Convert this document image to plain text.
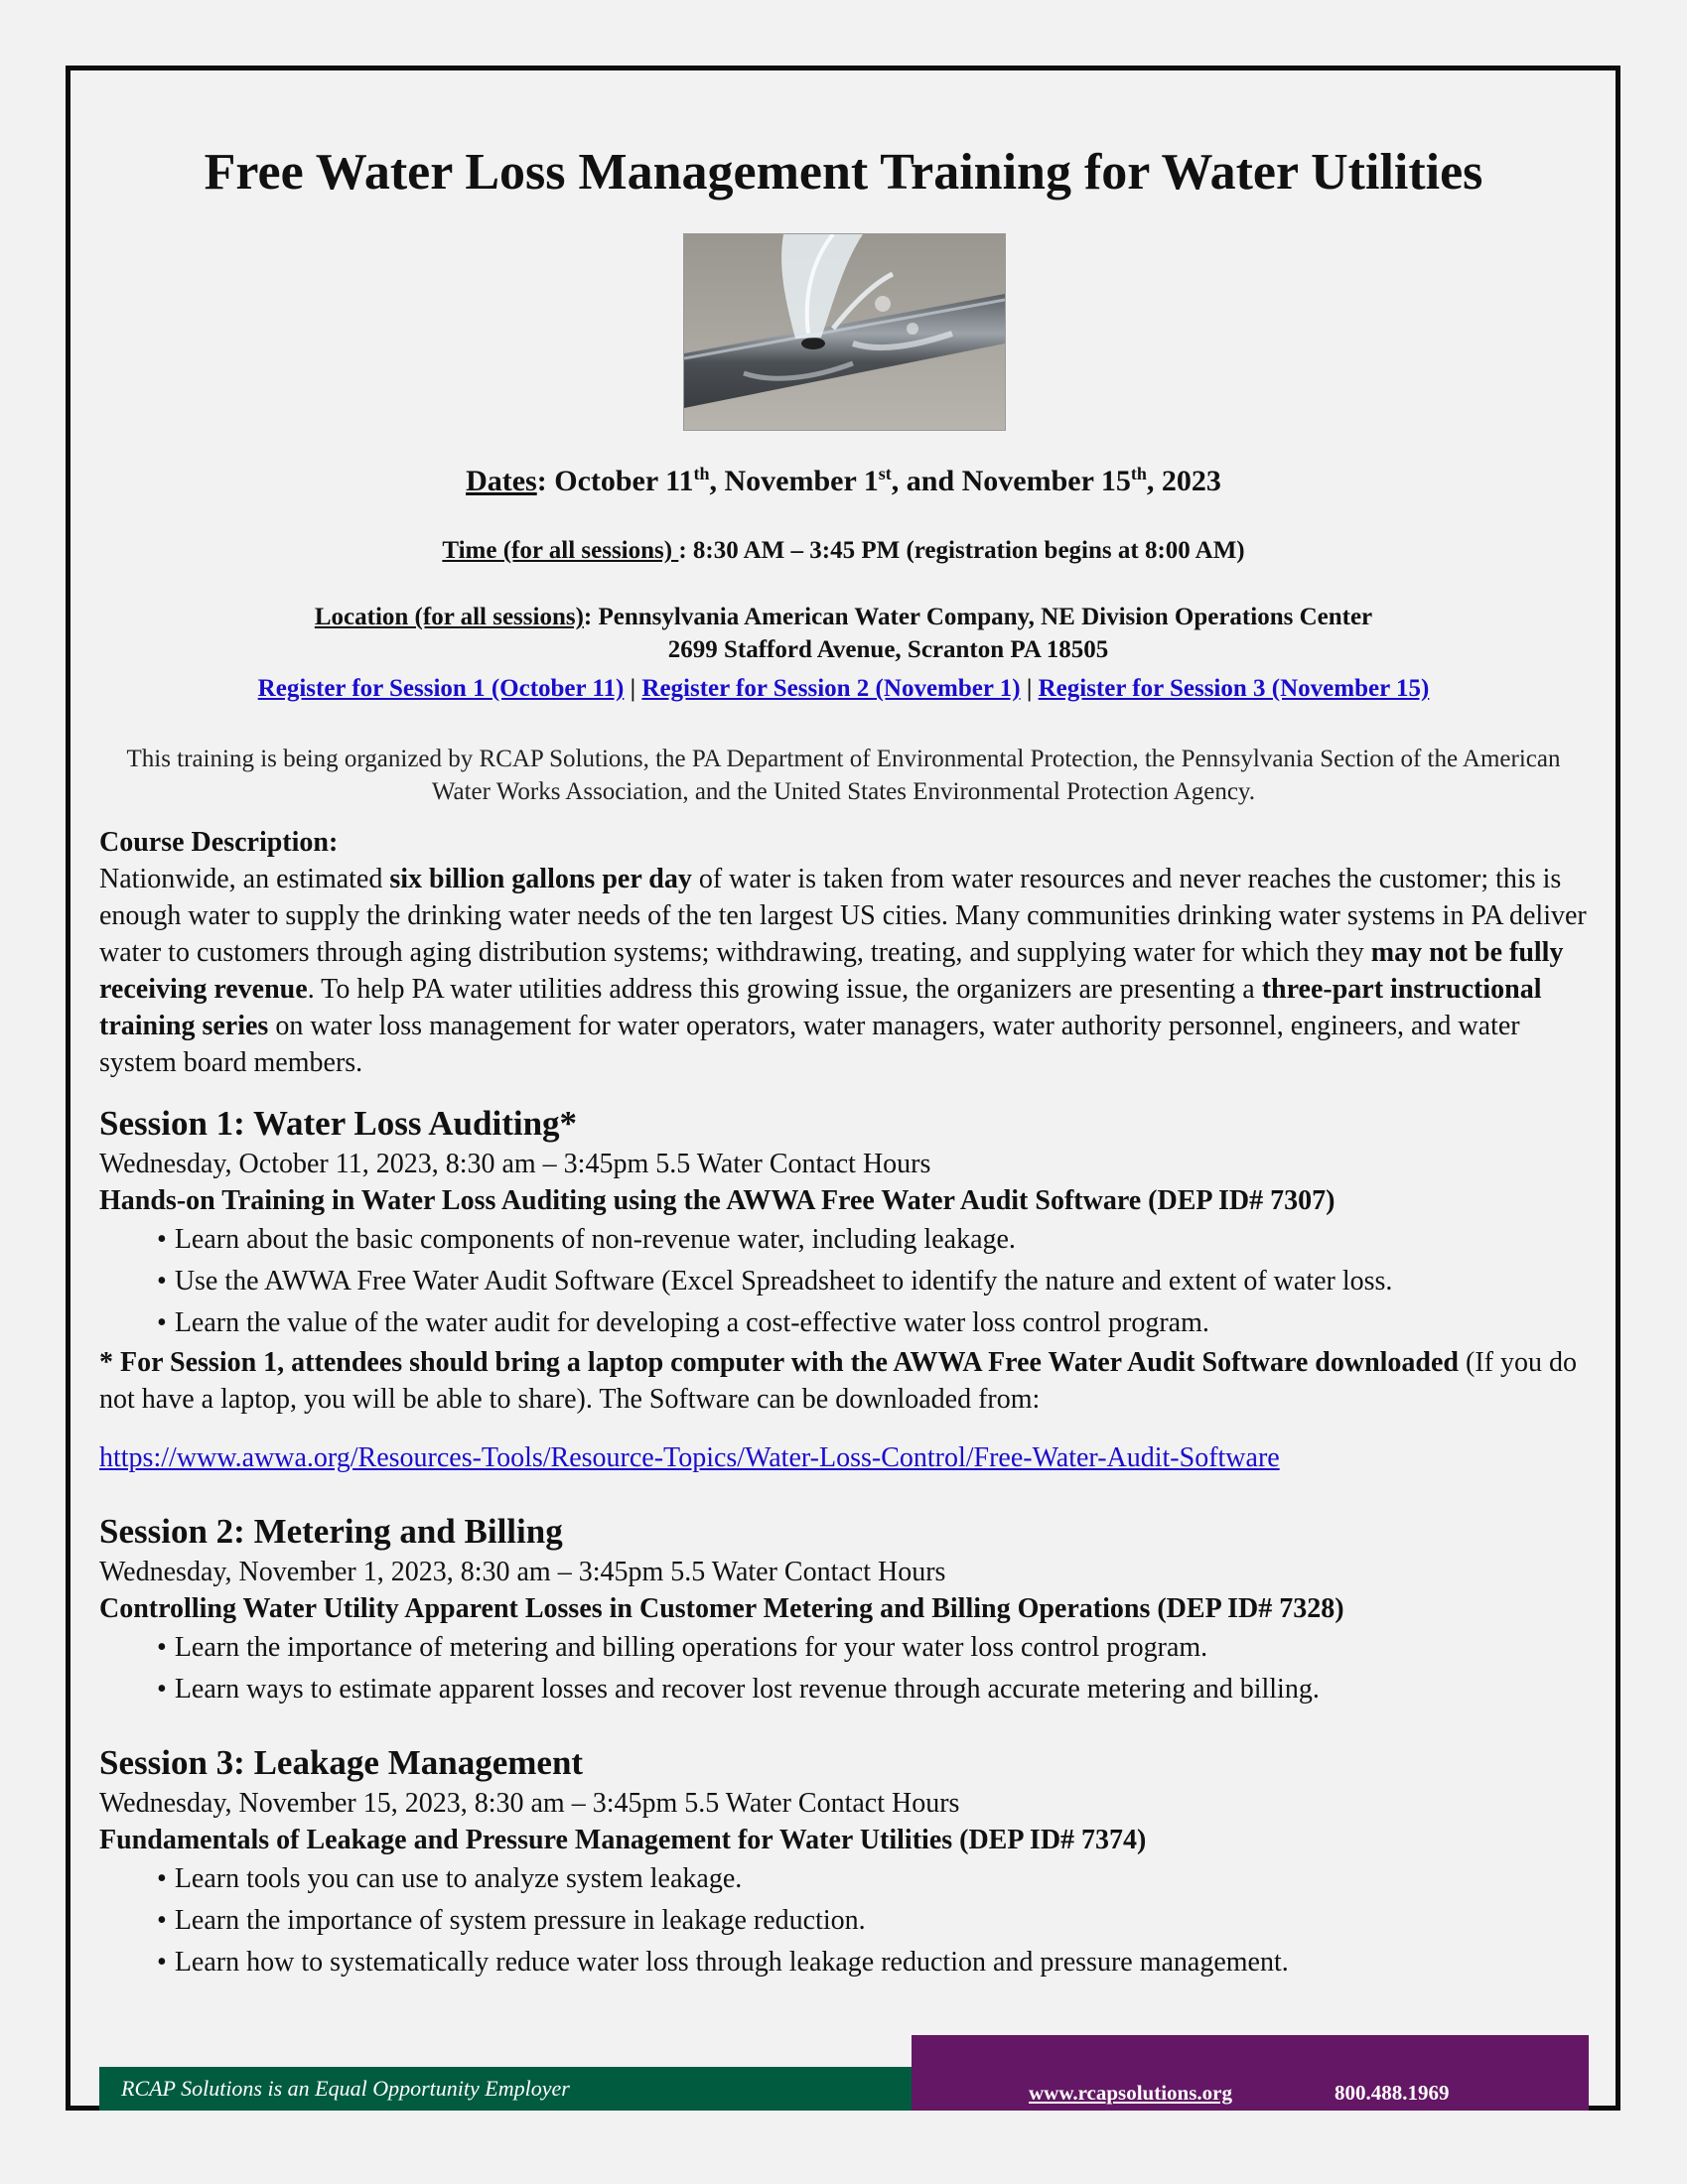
Free Water Loss Management Training for Water Utilities
Dates: October 11th, November 1st, and November 15th, 2023
Time (for all sessions) : 8:30 AM – 3:45 PM (registration begins at 8:00 AM)
Location (for all sessions): Pennsylvania American Water Company, NE Division Operations Center
2699 Stafford Avenue, Scranton PA 18505
Register for Session 1 (October 11) | Register for Session 2 (November 1) | Register for Session 3 (November 15)
This training is being organized by RCAP Solutions, the PA Department of Environmental Protection, the Pennsylvania Section of the American Water Works Association, and the United States Environmental Protection Agency.
Course Description:
Nationwide, an estimated six billion gallons per day of water is taken from water resources and never reaches the customer; this is enough water to supply the drinking water needs of the ten largest US cities. Many communities drinking water systems in PA deliver water to customers through aging distribution systems; withdrawing, treating, and supplying water for which they may not be fully receiving revenue. To help PA water utilities address this growing issue, the organizers are presenting a three-part instructional training series on water loss management for water operators, water managers, water authority personnel, engineers, and water system board members.
Session 1: Water Loss Auditing*
Wednesday, October 11, 2023, 8:30 am – 3:45pm 5.5 Water Contact Hours
Hands-on Training in Water Loss Auditing using the AWWA Free Water Audit Software (DEP ID# 7307)
• Learn about the basic components of non-revenue water, including leakage.
• Use the AWWA Free Water Audit Software (Excel Spreadsheet to identify the nature and extent of water loss.
• Learn the value of the water audit for developing a cost-effective water loss control program.
* For Session 1, attendees should bring a laptop computer with the AWWA Free Water Audit Software downloaded (If you do not have a laptop, you will be able to share). The Software can be downloaded from:
https://www.awwa.org/Resources-Tools/Resource-Topics/Water-Loss-Control/Free-Water-Audit-Software
Session 2: Metering and Billing
Wednesday, November 1, 2023, 8:30 am – 3:45pm 5.5 Water Contact Hours
Controlling Water Utility Apparent Losses in Customer Metering and Billing Operations (DEP ID# 7328)
• Learn the importance of metering and billing operations for your water loss control program.
• Learn ways to estimate apparent losses and recover lost revenue through accurate metering and billing.
Session 3: Leakage Management
Wednesday, November 15, 2023, 8:30 am – 3:45pm 5.5 Water Contact Hours
Fundamentals of Leakage and Pressure Management for Water Utilities (DEP ID# 7374)
• Learn tools you can use to analyze system leakage.
• Learn the importance of system pressure in leakage reduction.
• Learn how to systematically reduce water loss through leakage reduction and pressure management.
RCAP Solutions is an Equal Opportunity Employer	www.rcapsolutions.org	800.488.1969
